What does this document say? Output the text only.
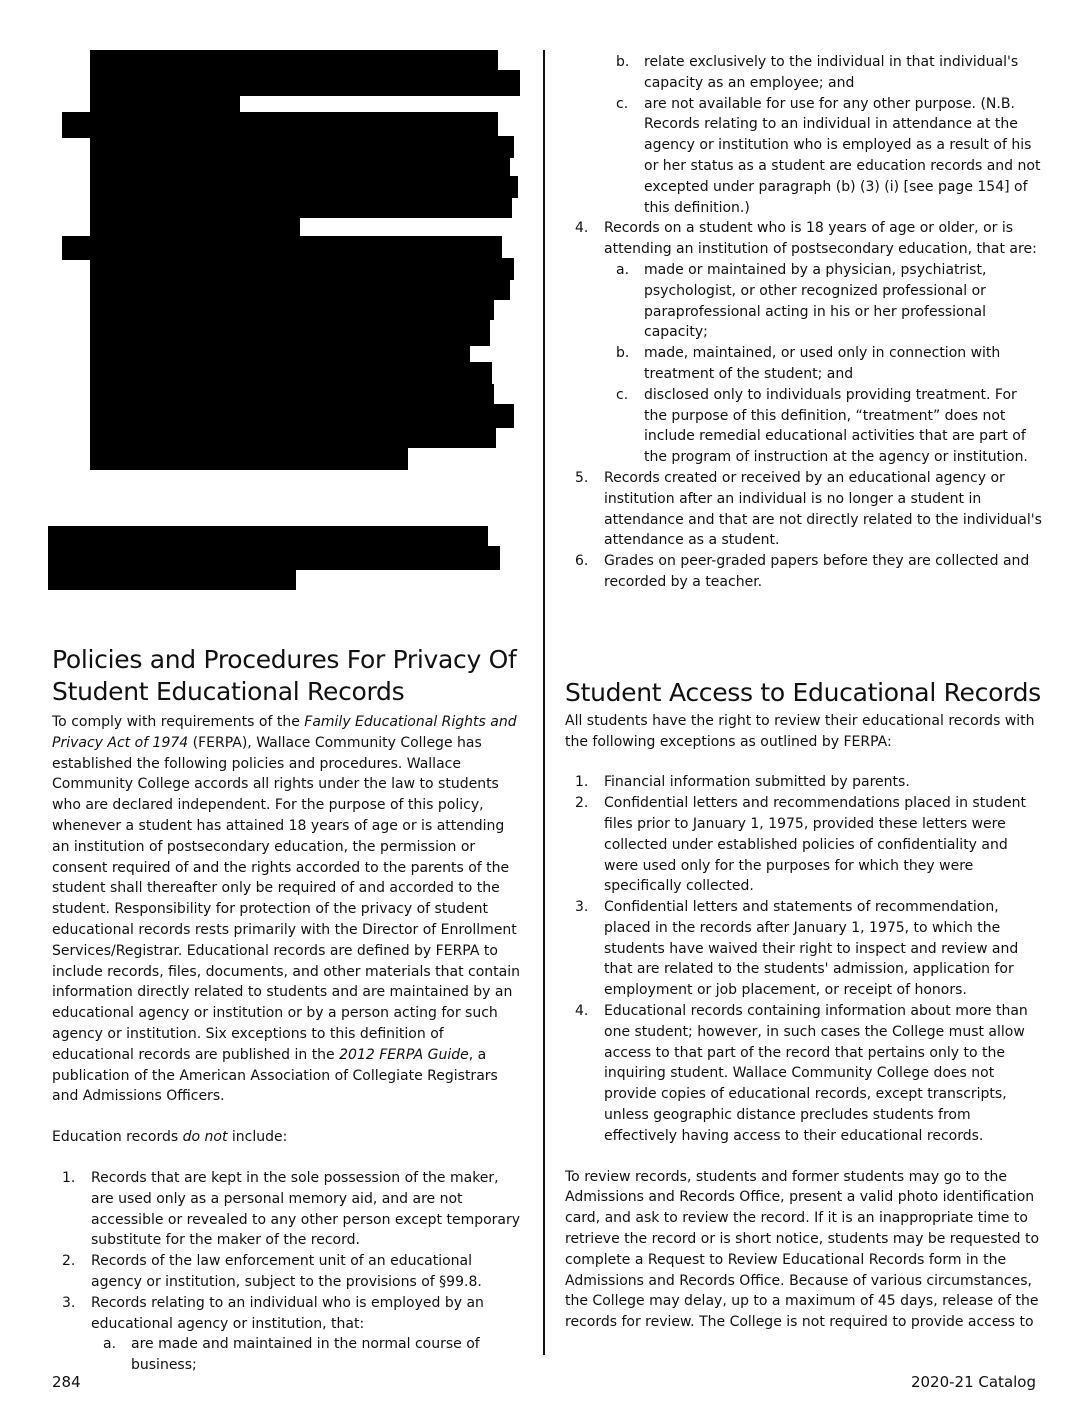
Policies and Procedures For Privacy Of Student Educational Records

To comply with requirements of the Family Educational Rights and Privacy Act of 1974 (FERPA), Wallace Community College has established the following policies and procedures. Wallace Community College accords all rights under the law to students who are declared independent. For the purpose of this policy, whenever a student has attained 18 years of age or is attending an institution of postsecondary education, the permission or consent required of and the rights accorded to the parents of the student shall thereafter only be required of and accorded to the student. Responsibility for protection of the privacy of student educational records rests primarily with the Director of Enrollment Services/Registrar. Educational records are defined by FERPA to include records, files, documents, and other materials that contain information directly related to students and are maintained by an educational agency or institution or by a person acting for such agency or institution. Six exceptions to this definition of educational records are published in the 2012 FERPA Guide, a publication of the American Association of Collegiate Registrars and Admissions Officers.

Education records do not include:

1. Records that are kept in the sole possession of the maker, are used only as a personal memory aid, and are not accessible or revealed to any other person except temporary substitute for the maker of the record.
2. Records of the law enforcement unit of an educational agency or institution, subject to the provisions of §99.8.
3. Records relating to an individual who is employed by an educational agency or institution, that:
a. are made and maintained in the normal course of business;
b. relate exclusively to the individual in that individual's capacity as an employee; and
c. are not available for use for any other purpose. (N.B. Records relating to an individual in attendance at the agency or institution who is employed as a result of his or her status as a student are education records and not excepted under paragraph (b) (3) (i) [see page 154] of this definition.)
4. Records on a student who is 18 years of age or older, or is attending an institution of postsecondary education, that are:
a. made or maintained by a physician, psychiatrist, psychologist, or other recognized professional or paraprofessional acting in his or her professional capacity;
b. made, maintained, or used only in connection with treatment of the student; and
c. disclosed only to individuals providing treatment. For the purpose of this definition, “treatment” does not include remedial educational activities that are part of the program of instruction at the agency or institution.
5. Records created or received by an educational agency or institution after an individual is no longer a student in attendance and that are not directly related to the individual's attendance as a student.
6. Grades on peer-graded papers before they are collected and recorded by a teacher.
Student Access to Educational Records

All students have the right to review their educational records with the following exceptions as outlined by FERPA:

1. Financial information submitted by parents.
2. Confidential letters and recommendations placed in student files prior to January 1, 1975, provided these letters were collected under established policies of confidentiality and were used only for the purposes for which they were specifically collected.
3. Confidential letters and statements of recommendation, placed in the records after January 1, 1975, to which the students have waived their right to inspect and review and that are related to the students' admission, application for employment or job placement, or receipt of honors.
4. Educational records containing information about more than one student; however, in such cases the College must allow access to that part of the record that pertains only to the inquiring student. Wallace Community College does not provide copies of educational records, except transcripts, unless geographic distance precludes students from effectively having access to their educational records.

To review records, students and former students may go to the Admissions and Records Office, present a valid photo identification card, and ask to review the record. If it is an inappropriate time to retrieve the record or is short notice, students may be requested to complete a Request to Review Educational Records form in the Admissions and Records Office. Because of various circumstances, the College may delay, up to a maximum of 45 days, release of the records for review. The College is not required to provide access to

284	2020-21 Catalog
